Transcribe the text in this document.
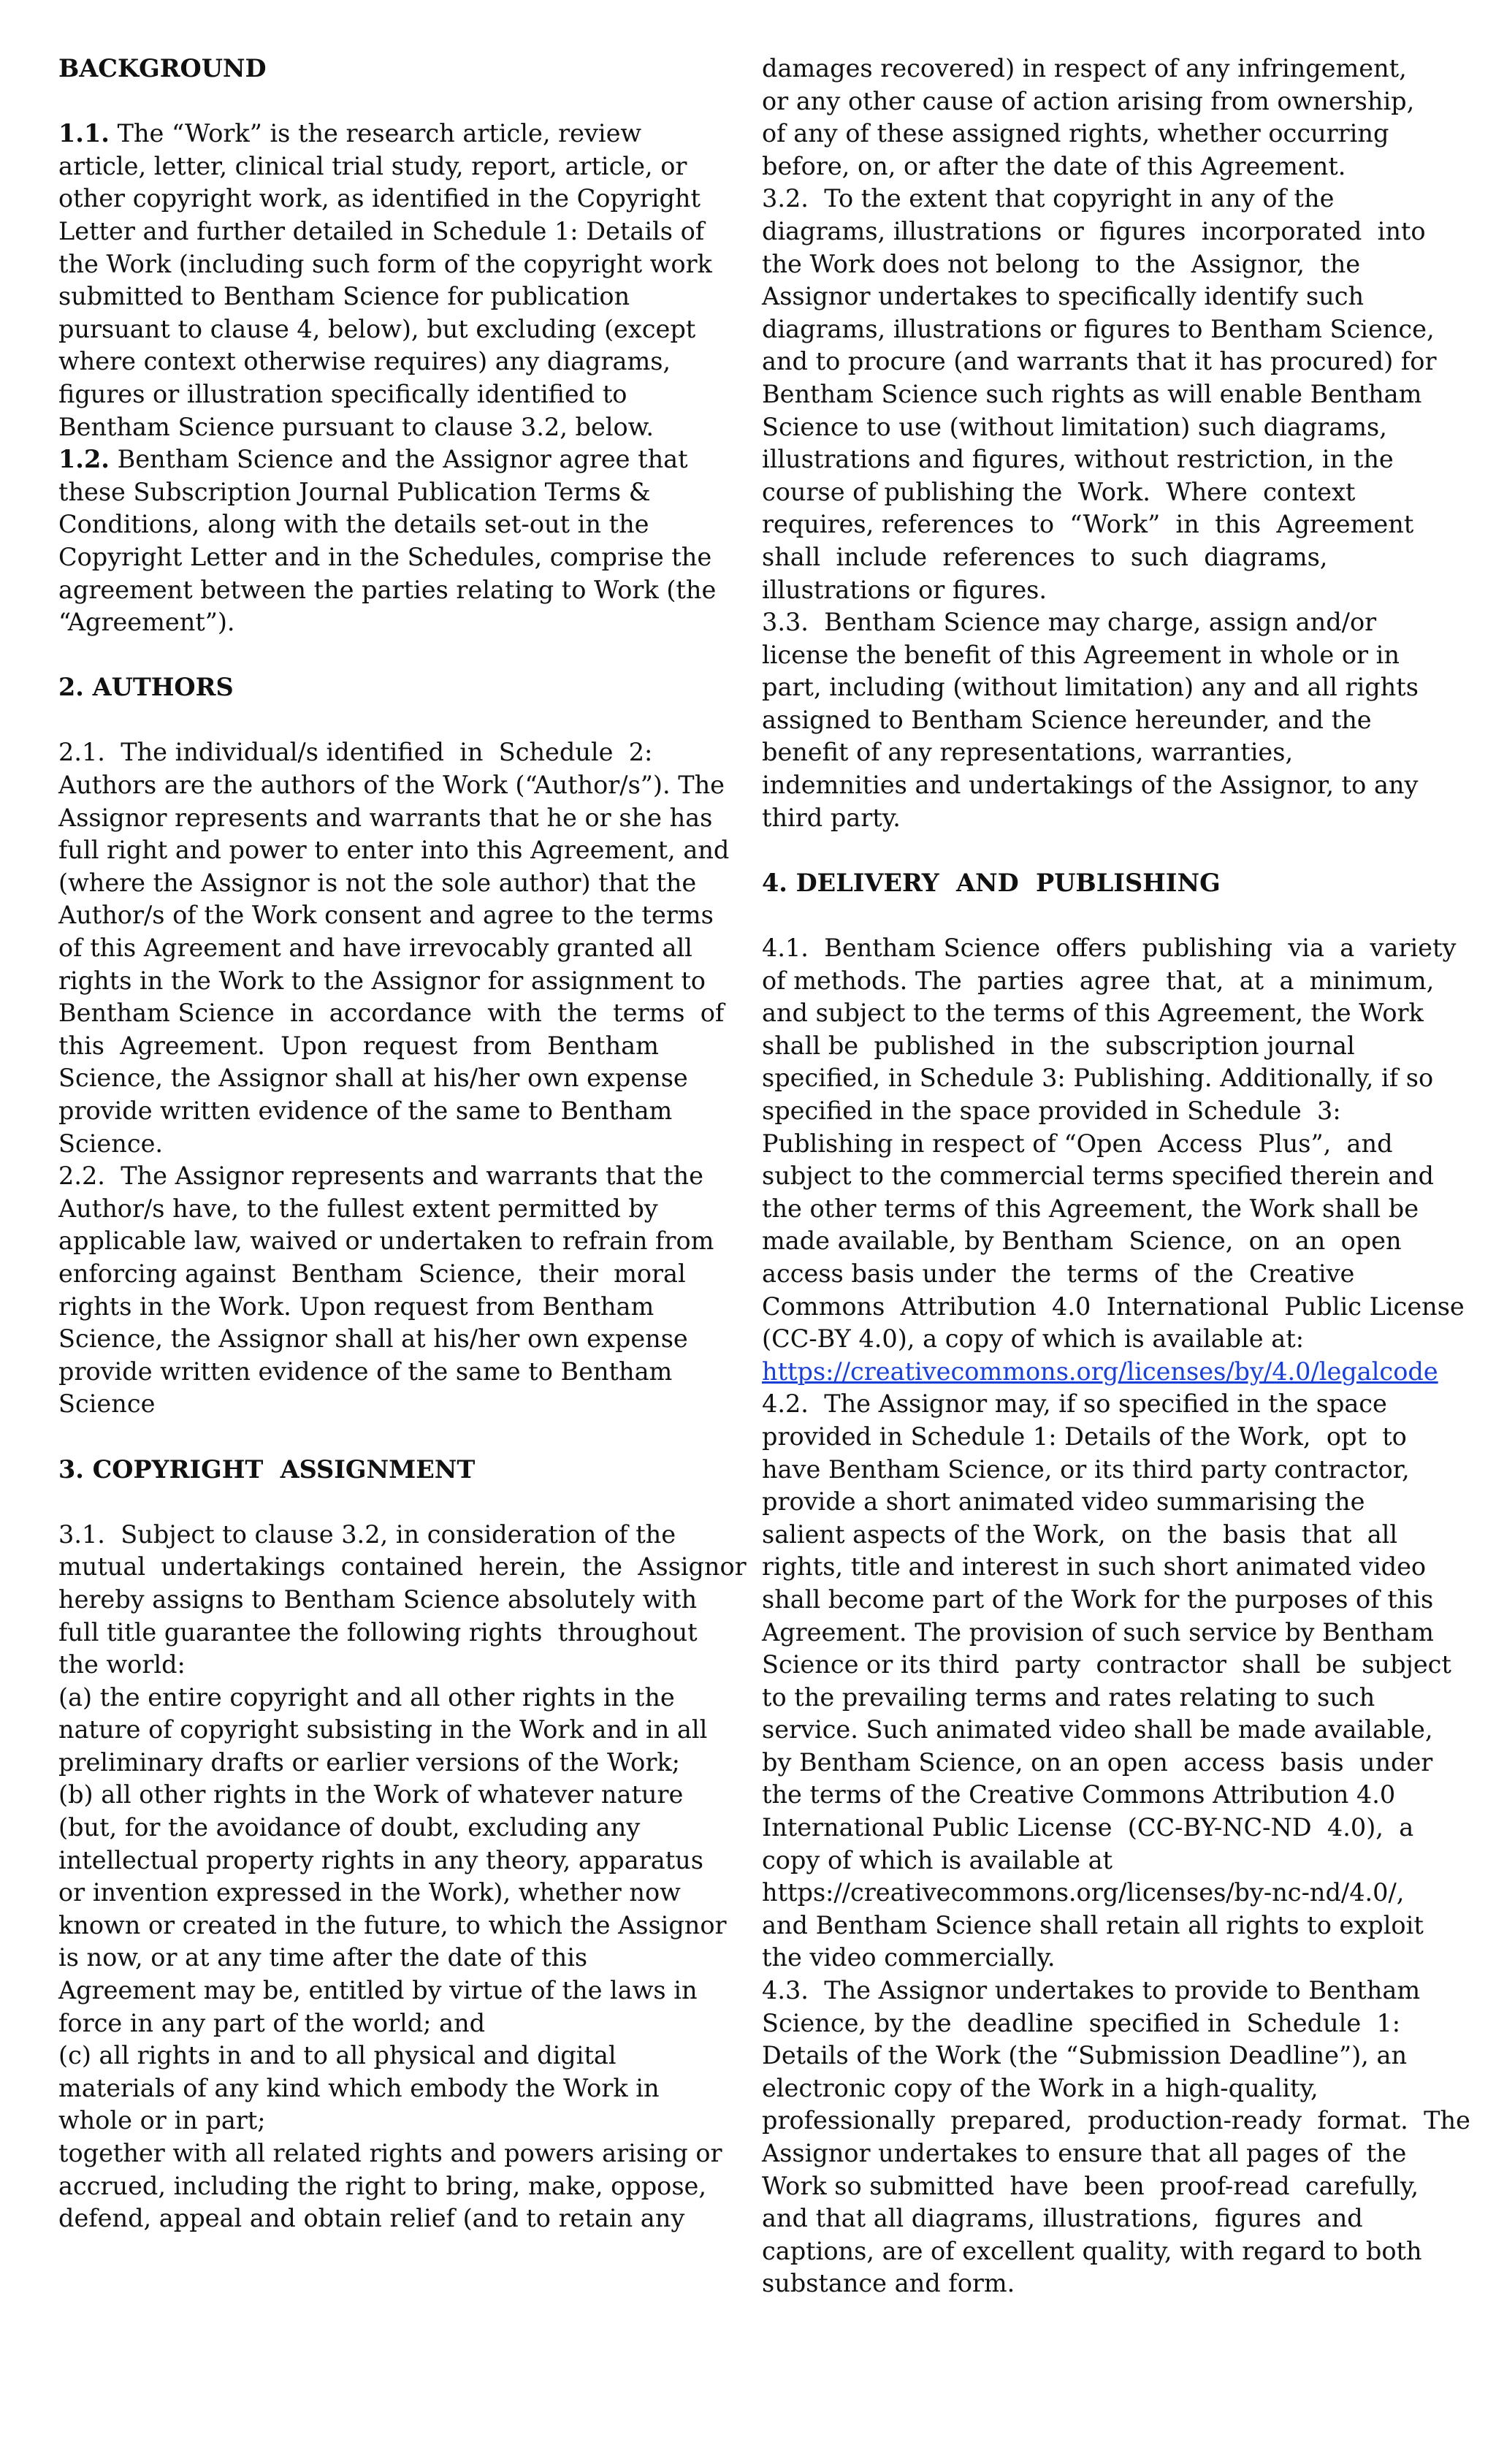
BACKGROUND
1.1. The “Work” is the research article, review
article, letter, clinical trial study, report, article, or
other copyright work, as identified in the Copyright
Letter and further detailed in Schedule 1: Details of
the Work (including such form of the copyright work
submitted to Bentham Science for publication
pursuant to clause 4, below), but excluding (except
where context otherwise requires) any diagrams,
figures or illustration specifically identified to
Bentham Science pursuant to clause 3.2, below.
1.2. Bentham Science and the Assignor agree that
these Subscription Journal Publication Terms &
Conditions, along with the details set-out in the
Copyright Letter and in the Schedules, comprise the
agreement between the parties relating to Work (the
“Agreement”).
2. AUTHORS
2.1.  The individual/s identified  in  Schedule  2:
Authors are the authors of the Work (“Author/s”). The
Assignor represents and warrants that he or she has
full right and power to enter into this Agreement, and
(where the Assignor is not the sole author) that the
Author/s of the Work consent and agree to the terms
of this Agreement and have irrevocably granted all
rights in the Work to the Assignor for assignment to
Bentham Science  in  accordance  with  the  terms  of
this  Agreement.  Upon  request  from  Bentham
Science, the Assignor shall at his/her own expense
provide written evidence of the same to Bentham
Science.
2.2.  The Assignor represents and warrants that the
Author/s have, to the fullest extent permitted by
applicable law, waived or undertaken to refrain from
enforcing against  Bentham  Science,  their  moral
rights in the Work. Upon request from Bentham
Science, the Assignor shall at his/her own expense
provide written evidence of the same to Bentham
Science
3. COPYRIGHT  ASSIGNMENT
3.1.  Subject to clause 3.2, in consideration of the
mutual  undertakings  contained  herein,  the  Assignor
hereby assigns to Bentham Science absolutely with
full title guarantee the following rights  throughout
the world:
(a) the entire copyright and all other rights in the
nature of copyright subsisting in the Work and in all
preliminary drafts or earlier versions of the Work;
(b) all other rights in the Work of whatever nature
(but, for the avoidance of doubt, excluding any
intellectual property rights in any theory, apparatus
or invention expressed in the Work), whether now
known or created in the future, to which the Assignor
is now, or at any time after the date of this
Agreement may be, entitled by virtue of the laws in
force in any part of the world; and
(c) all rights in and to all physical and digital
materials of any kind which embody the Work in
whole or in part;
together with all related rights and powers arising or
accrued, including the right to bring, make, oppose,
defend, appeal and obtain relief (and to retain any
damages recovered) in respect of any infringement,
or any other cause of action arising from ownership,
of any of these assigned rights, whether occurring
before, on, or after the date of this Agreement.
3.2.  To the extent that copyright in any of the
diagrams, illustrations  or  figures  incorporated  into
the Work does not belong  to  the  Assignor,  the
Assignor undertakes to specifically identify such
diagrams, illustrations or figures to Bentham Science,
and to procure (and warrants that it has procured) for
Bentham Science such rights as will enable Bentham
Science to use (without limitation) such diagrams,
illustrations and figures, without restriction, in the
course of publishing the  Work.  Where  context
requires, references  to  “Work”  in  this  Agreement
shall  include  references  to  such  diagrams,
illustrations or figures.
3.3.  Bentham Science may charge, assign and/or
license the benefit of this Agreement in whole or in
part, including (without limitation) any and all rights
assigned to Bentham Science hereunder, and the
benefit of any representations, warranties,
indemnities and undertakings of the Assignor, to any
third party.
4. DELIVERY  AND  PUBLISHING
4.1.  Bentham Science  offers  publishing  via  a  variety
of methods. The  parties  agree  that,  at  a  minimum,
and subject to the terms of this Agreement, the Work
shall be  published  in  the  subscription journal
specified, in Schedule 3: Publishing. Additionally, if so
specified in the space provided in Schedule  3:
Publishing in respect of “Open  Access  Plus”,  and
subject to the commercial terms specified therein and
the other terms of this Agreement, the Work shall be
made available, by Bentham  Science,  on  an  open
access basis under  the  terms  of  the  Creative
Commons  Attribution  4.0  International  Public License
(CC-BY 4.0), a copy of which is available at:
https://creativecommons.org/licenses/by/4.0/legalcode
4.2.  The Assignor may, if so specified in the space
provided in Schedule 1: Details of the Work,  opt  to
have Bentham Science, or its third party contractor,
provide a short animated video summarising the
salient aspects of the Work,  on  the  basis  that  all
rights, title and interest in such short animated video
shall become part of the Work for the purposes of this
Agreement. The provision of such service by Bentham
Science or its third  party  contractor  shall  be  subject
to the prevailing terms and rates relating to such
service. Such animated video shall be made available,
by Bentham Science, on an open  access  basis  under
the terms of the Creative Commons Attribution 4.0
International Public License  (CC-BY-NC-ND  4.0),  a
copy of which is available at
https://creativecommons.org/licenses/by-nc-nd/4.0/,
and Bentham Science shall retain all rights to exploit
the video commercially.
4.3.  The Assignor undertakes to provide to Bentham
Science, by the  deadline  specified in  Schedule  1:
Details of the Work (the “Submission Deadline”), an
electronic copy of the Work in a high-quality,
professionally  prepared,  production-ready  format.  The
Assignor undertakes to ensure that all pages of  the
Work so submitted  have  been  proof-read  carefully,
and that all diagrams, illustrations,  figures  and
captions, are of excellent quality, with regard to both
substance and form.
